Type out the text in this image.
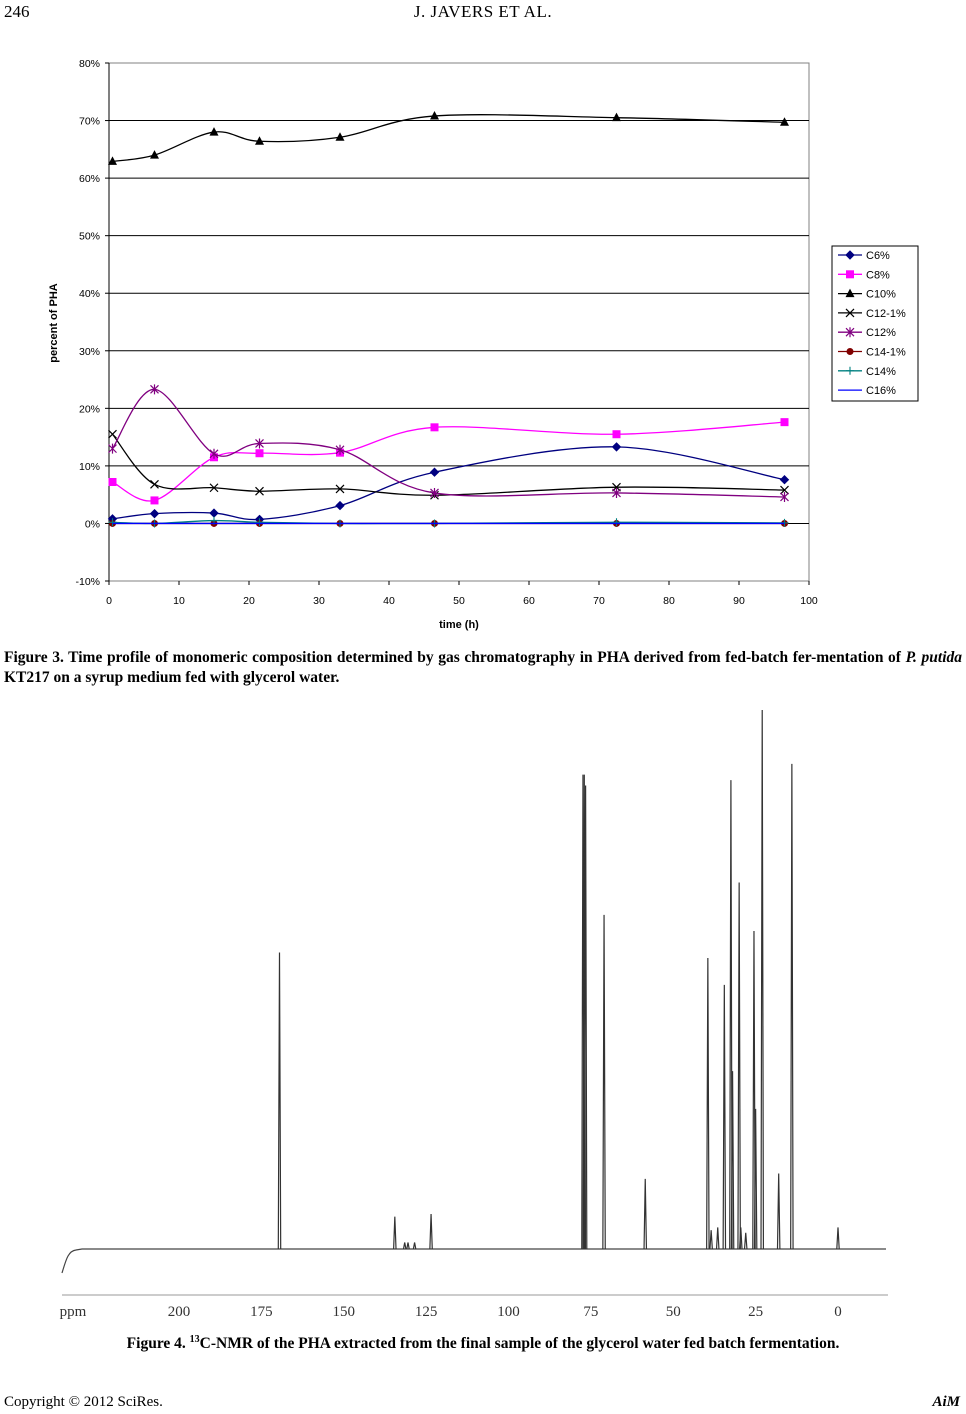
246	J. JAVERS ET AL.
-10%
0%
10%
20%
30%
40%
50%
60%
70%
80%
0	10	20	30	40	50	60	70	80	90	100
percent of PHA
time (h)
C6%
C8%
C10%
C12-1%
C12%
C14-1%
C14%
C16%
Figure 3. Time profile of monomeric composition determined by gas chromatography in PHA derived from fed-batch fer-mentation of P. putida KT217 on a syrup medium fed with glycerol water.
ppm	200	175	150	125	100	75	50	25	0
Figure 4. $^{13}$C-NMR of the PHA extracted from the final sample of the glycerol water fed batch fermentation.
Copyright © 2012 SciRes.	AiM
